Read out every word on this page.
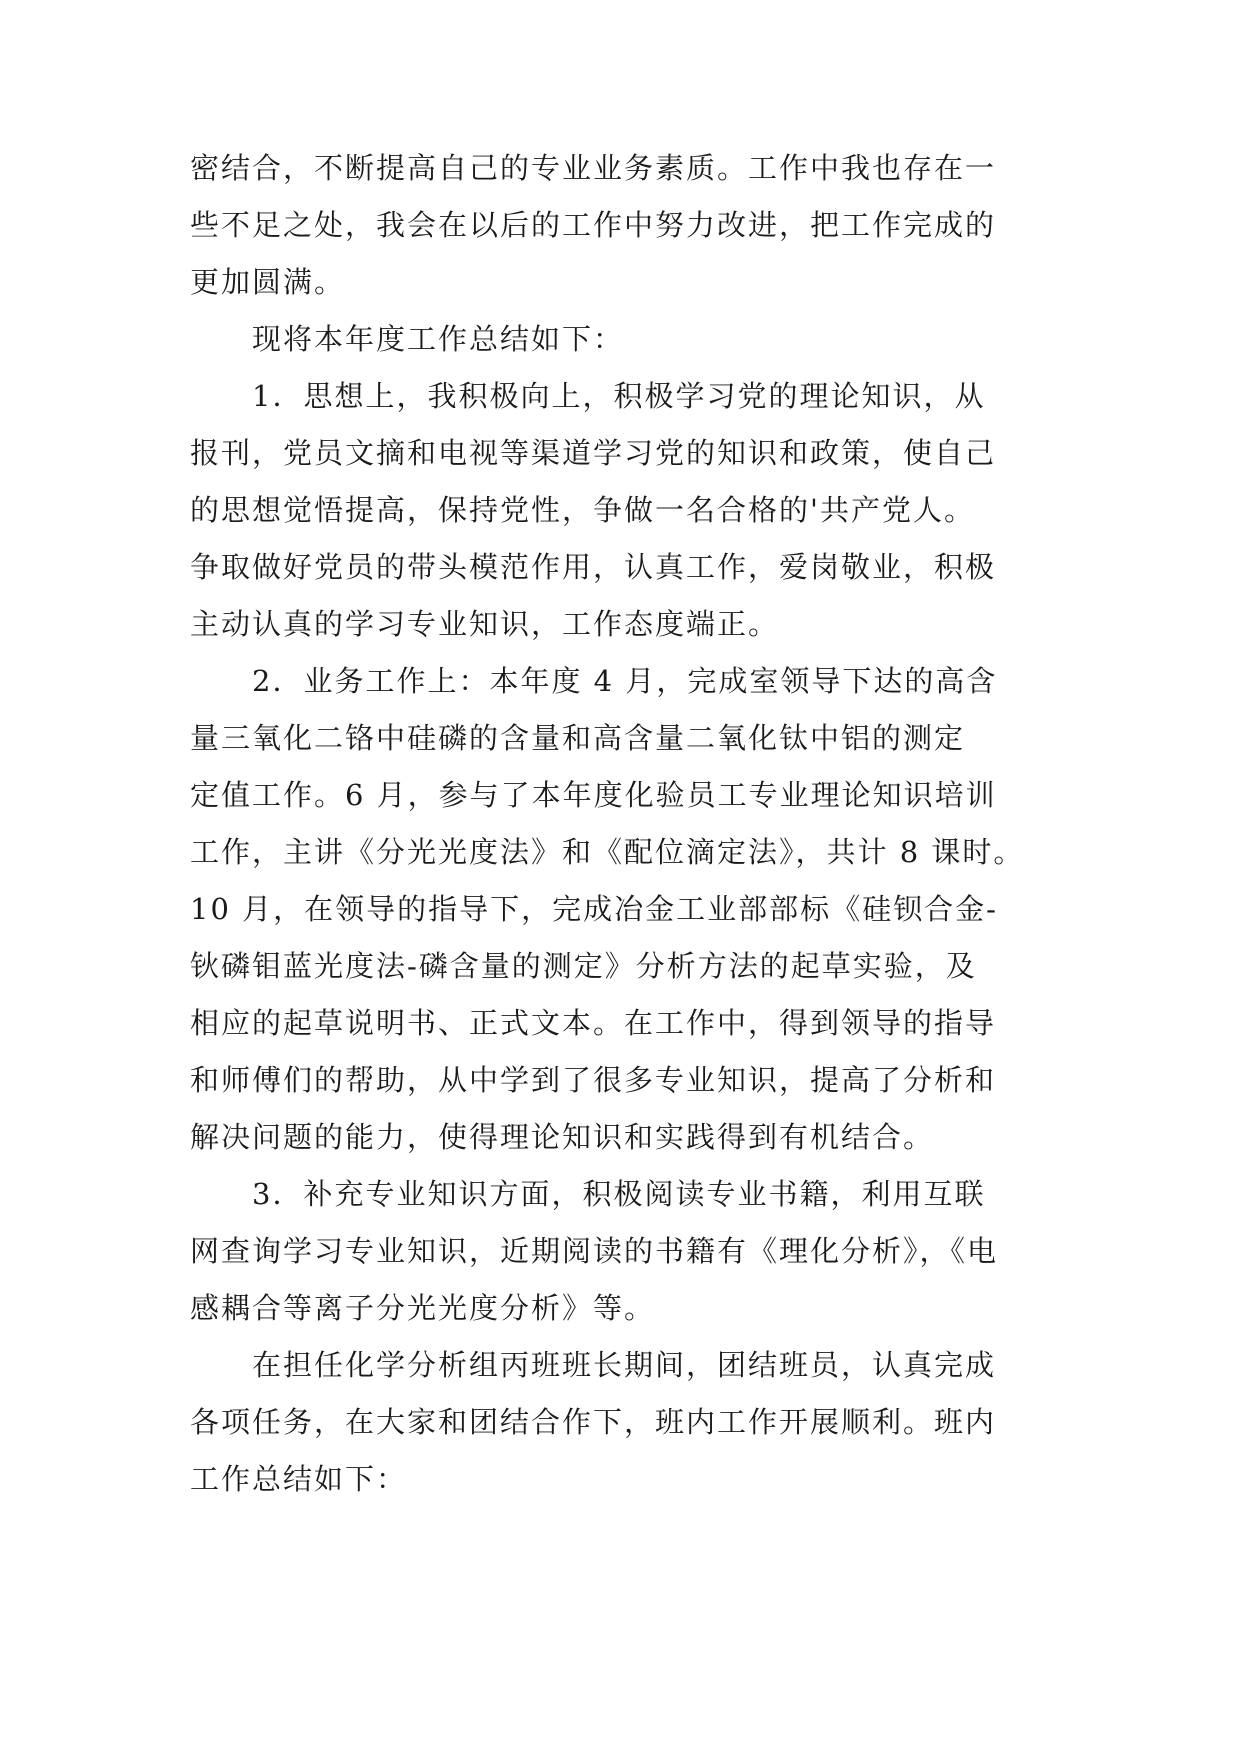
密结合，不断提高自己的专业业务素质。工作中我也存在一
些不足之处，我会在以后的工作中努力改进，把工作完成的
更加圆满。
现将本年度工作总结如下：
1．思想上，我积极向上，积极学习党的理论知识，从
报刊，党员文摘和电视等渠道学习党的知识和政策，使自己
的思想觉悟提高，保持党性，争做一名合格的'共产党人。
争取做好党员的带头模范作用，认真工作，爱岗敬业，积极
主动认真的学习专业知识，工作态度端正。
2．业务工作上：本年度 4 月，完成室领导下达的高含
量三氧化二铬中硅磷的含量和高含量二氧化钛中铝的测定
定值工作。6 月，参与了本年度化验员工专业理论知识培训
工作，主讲《分光光度法》和《配位滴定法》，共计 8 课时。
10 月，在领导的指导下，完成冶金工业部部标《硅钡合金-
钬磷钼蓝光度法-磷含量的测定》分析方法的起草实验，及
相应的起草说明书、正式文本。在工作中，得到领导的指导
和师傅们的帮助，从中学到了很多专业知识，提高了分析和
解决问题的能力，使得理论知识和实践得到有机结合。
3．补充专业知识方面，积极阅读专业书籍，利用互联
网查询学习专业知识，近期阅读的书籍有《理化分析》，《电
感耦合等离子分光光度分析》等。
在担任化学分析组丙班班长期间，团结班员，认真完成
各项任务，在大家和团结合作下，班内工作开展顺利。班内
工作总结如下：
